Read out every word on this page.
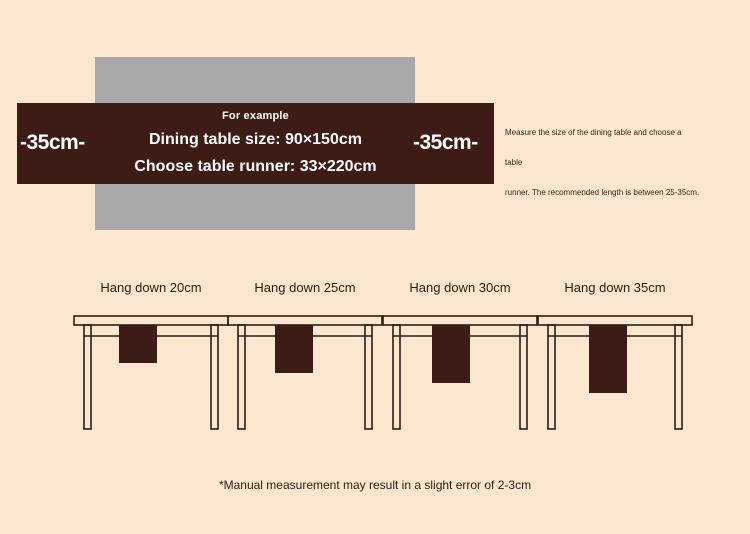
For example
Dining table size: 90×150cm
Choose table runner: 33×220cm
-35cm-	-35cm-	Measure the size of the dining table and choose a table
runner. The recommended length is between 25-35cm.
Hang down 20cm	Hang down 25cm	Hang down 30cm	Hang down 35cm
*Manual measurement may result in a slight error of 2-3cm
